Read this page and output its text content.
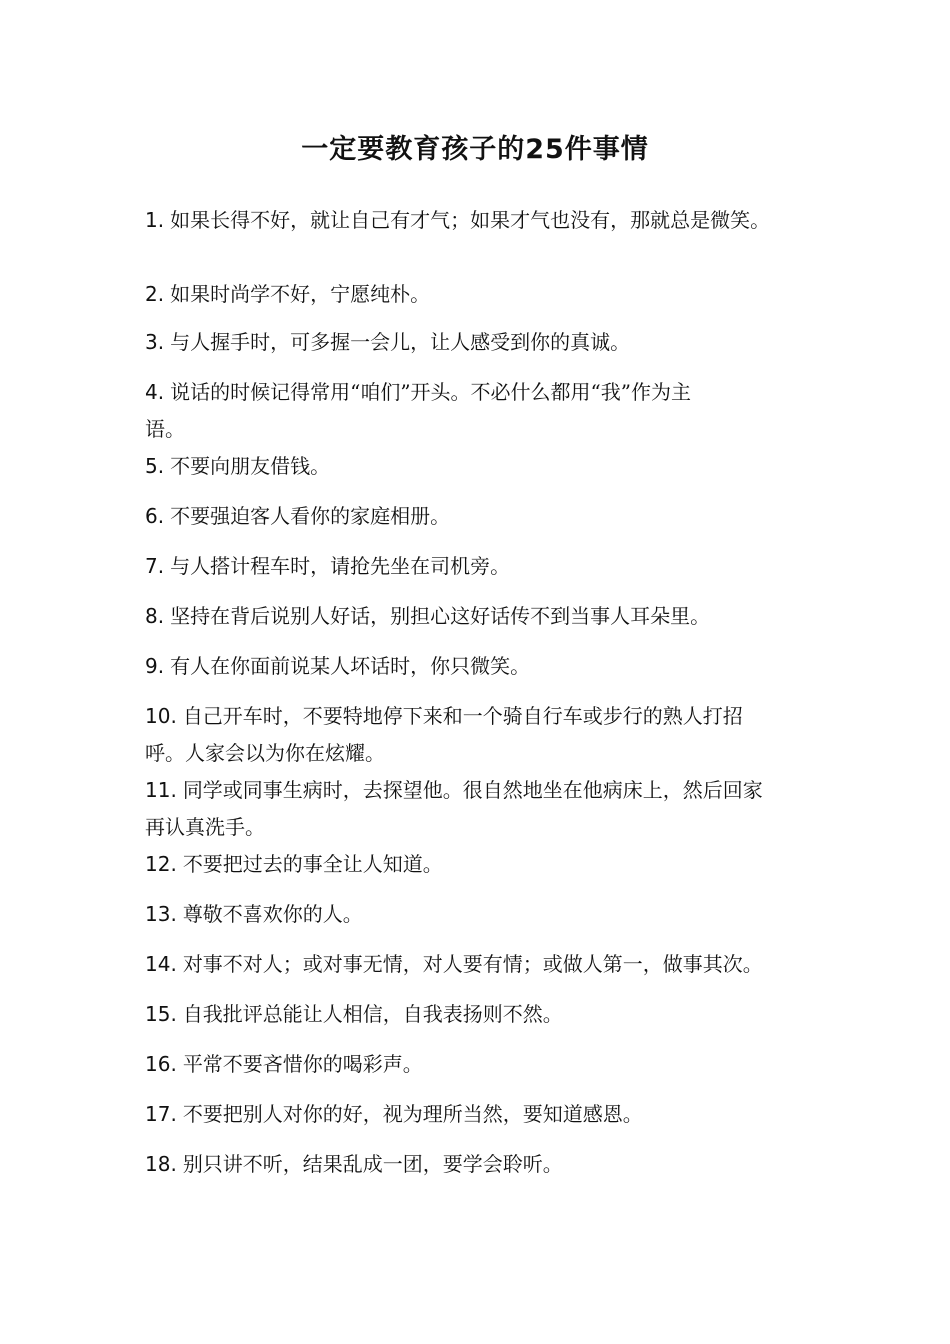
一定要教育孩子的25件事情
1. 如果长得不好，就让自己有才气；如果才气也没有，那就总是微笑。
2. 如果时尚学不好，宁愿纯朴。
3. 与人握手时，可多握一会儿，让人感受到你的真诚。
4. 说话的时候记得常用“咱们”开头。不必什么都用“我”作为主
语。
5. 不要向朋友借钱。
6. 不要强迫客人看你的家庭相册。
7. 与人搭计程车时，请抢先坐在司机旁。
8. 坚持在背后说别人好话，别担心这好话传不到当事人耳朵里。
9. 有人在你面前说某人坏话时，你只微笑。
10. 自己开车时，不要特地停下来和一个骑自行车或步行的熟人打招
呼。人家会以为你在炫耀。
11. 同学或同事生病时，去探望他。很自然地坐在他病床上，然后回家
再认真洗手。
12. 不要把过去的事全让人知道。
13. 尊敬不喜欢你的人。
14. 对事不对人；或对事无情，对人要有情；或做人第一，做事其次。
15. 自我批评总能让人相信，自我表扬则不然。
16. 平常不要吝惜你的喝彩声。
17. 不要把别人对你的好，视为理所当然，要知道感恩。
18. 别只讲不听，结果乱成一团，要学会聆听。
